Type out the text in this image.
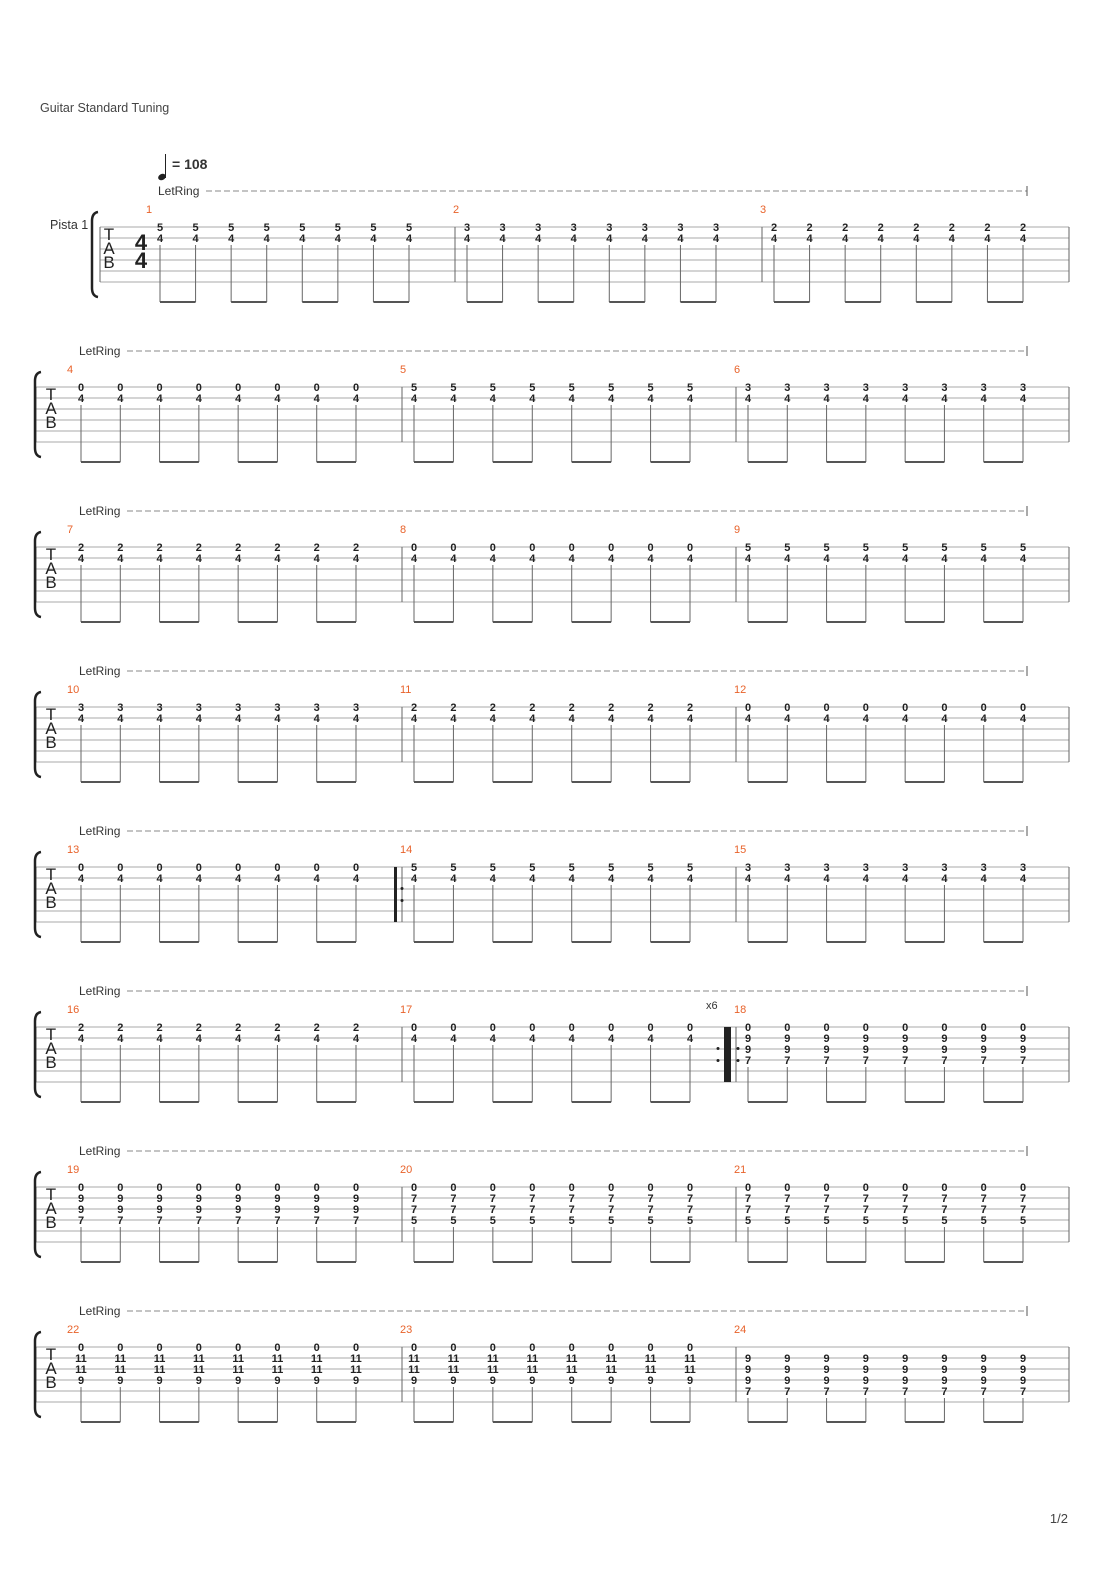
Guitar Standard Tuning
= 108
LetRing
T
A
B
Pista 1
4
4
1
5
4
5
4
5
4
5
4
5
4
5
4
5
4
5
4
2
3
4
3
4
3
4
3
4
3
4
3
4
3
4
3
4
3
2
4
2
4
2
4
2
4
2
4
2
4
2
4
2
4
LetRing
T
A
B
4
0
4
0
4
0
4
0
4
0
4
0
4
0
4
0
4
5
5
4
5
4
5
4
5
4
5
4
5
4
5
4
5
4
6
3
4
3
4
3
4
3
4
3
4
3
4
3
4
3
4
LetRing
T
A
B
7
2
4
2
4
2
4
2
4
2
4
2
4
2
4
2
4
8
0
4
0
4
0
4
0
4
0
4
0
4
0
4
0
4
9
5
4
5
4
5
4
5
4
5
4
5
4
5
4
5
4
LetRing
T
A
B
10
3
4
3
4
3
4
3
4
3
4
3
4
3
4
3
4
11
2
4
2
4
2
4
2
4
2
4
2
4
2
4
2
4
12
0
4
0
4
0
4
0
4
0
4
0
4
0
4
0
4
LetRing
T
A
B
13
0
4
0
4
0
4
0
4
0
4
0
4
0
4
0
4
14
5
4
5
4
5
4
5
4
5
4
5
4
5
4
5
4
15
3
4
3
4
3
4
3
4
3
4
3
4
3
4
3
4
LetRing
T
A
B
16
2
4
2
4
2
4
2
4
2
4
2
4
2
4
2
4
17
0
4
0
4
0
4
0
4
0
4
0
4
0
4
0
4
18
0
9
9
7
0
9
9
7
0
9
9
7
0
9
9
7
0
9
9
7
0
9
9
7
0
9
9
7
0
9
9
7
x6
LetRing
T
A
B
19
0
9
9
7
0
9
9
7
0
9
9
7
0
9
9
7
0
9
9
7
0
9
9
7
0
9
9
7
0
9
9
7
20
0
7
7
5
0
7
7
5
0
7
7
5
0
7
7
5
0
7
7
5
0
7
7
5
0
7
7
5
0
7
7
5
21
0
7
7
5
0
7
7
5
0
7
7
5
0
7
7
5
0
7
7
5
0
7
7
5
0
7
7
5
0
7
7
5
LetRing
T
A
B
22
0
11
11
9
0
11
11
9
0
11
11
9
0
11
11
9
0
11
11
9
0
11
11
9
0
11
11
9
0
11
11
9
23
0
11
11
9
0
11
11
9
0
11
11
9
0
11
11
9
0
11
11
9
0
11
11
9
0
11
11
9
0
11
11
9
24
9
9
9
7
9
9
9
7
9
9
9
7
9
9
9
7
9
9
9
7
9
9
9
7
9
9
9
7
9
9
9
7
1/2
